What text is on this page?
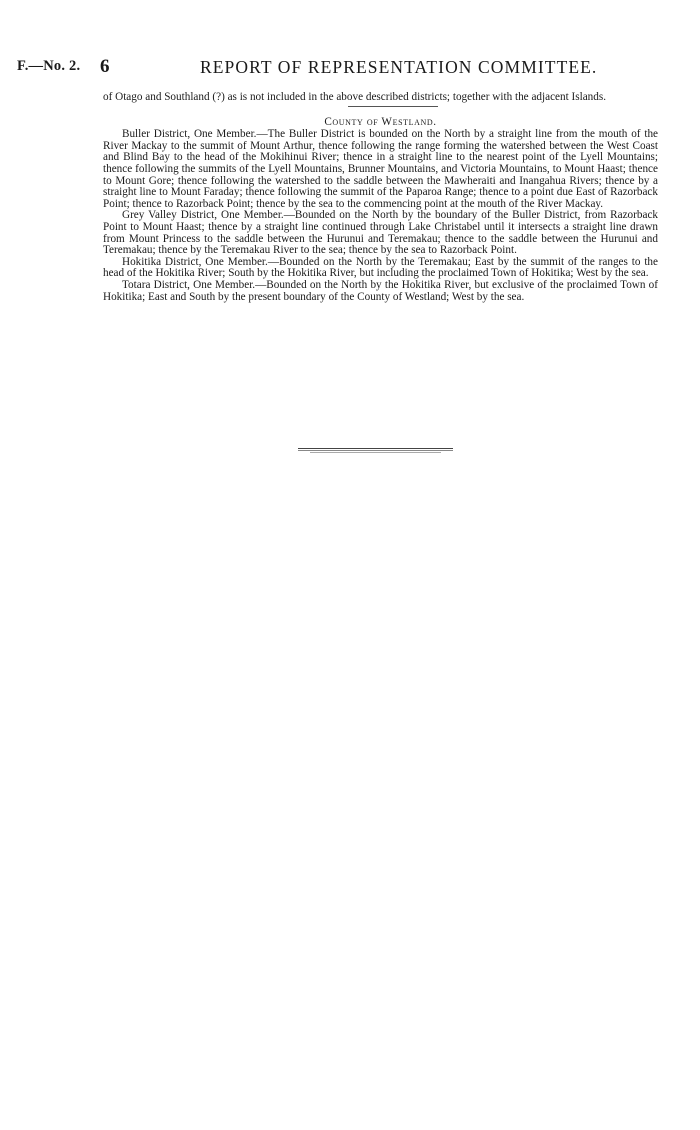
F.—No. 2. 6	REPORT OF REPRESENTATION COMMITTEE.

of Otago and Southland (?) as is not included in the above described districts; together with the adjacent Islands.

County of Westland.

Buller District, One Member.—The Buller District is bounded on the North by a straight line from the mouth of the River Mackay to the summit of Mount Arthur, thence following the range forming the watershed between the West Coast and Blind Bay to the head of the Mokihinui River; thence in a straight line to the nearest point of the Lyell Mountains; thence following the summits of the Lyell Mountains, Brunner Mountains, and Victoria Mountains, to Mount Haast; thence to Mount Gore; thence following the watershed to the saddle between the Mawheraiti and Inangahua Rivers; thence by a straight line to Mount Faraday; thence following the summit of the Paparoa Range; thence to a point due East of Razorback Point; thence to Razorback Point; thence by the sea to the commencing point at the mouth of the River Mackay.

Grey Valley District, One Member.—Bounded on the North by the boundary of the Buller District, from Razorback Point to Mount Haast; thence by a straight line continued through Lake Christabel until it intersects a straight line drawn from Mount Princess to the saddle between the Hurunui and Teremakau; thence to the saddle between the Hurunui and Teremakau; thence by the Teremakau River to the sea; thence by the sea to Razorback Point.

Hokitika District, One Member.—Bounded on the North by the Teremakau; East by the summit of the ranges to the head of the Hokitika River; South by the Hokitika River, but including the proclaimed Town of Hokitika; West by the sea.

Totara District, One Member.—Bounded on the North by the Hokitika River, but exclusive of the proclaimed Town of Hokitika; East and South by the present boundary of the County of Westland; West by the sea.
